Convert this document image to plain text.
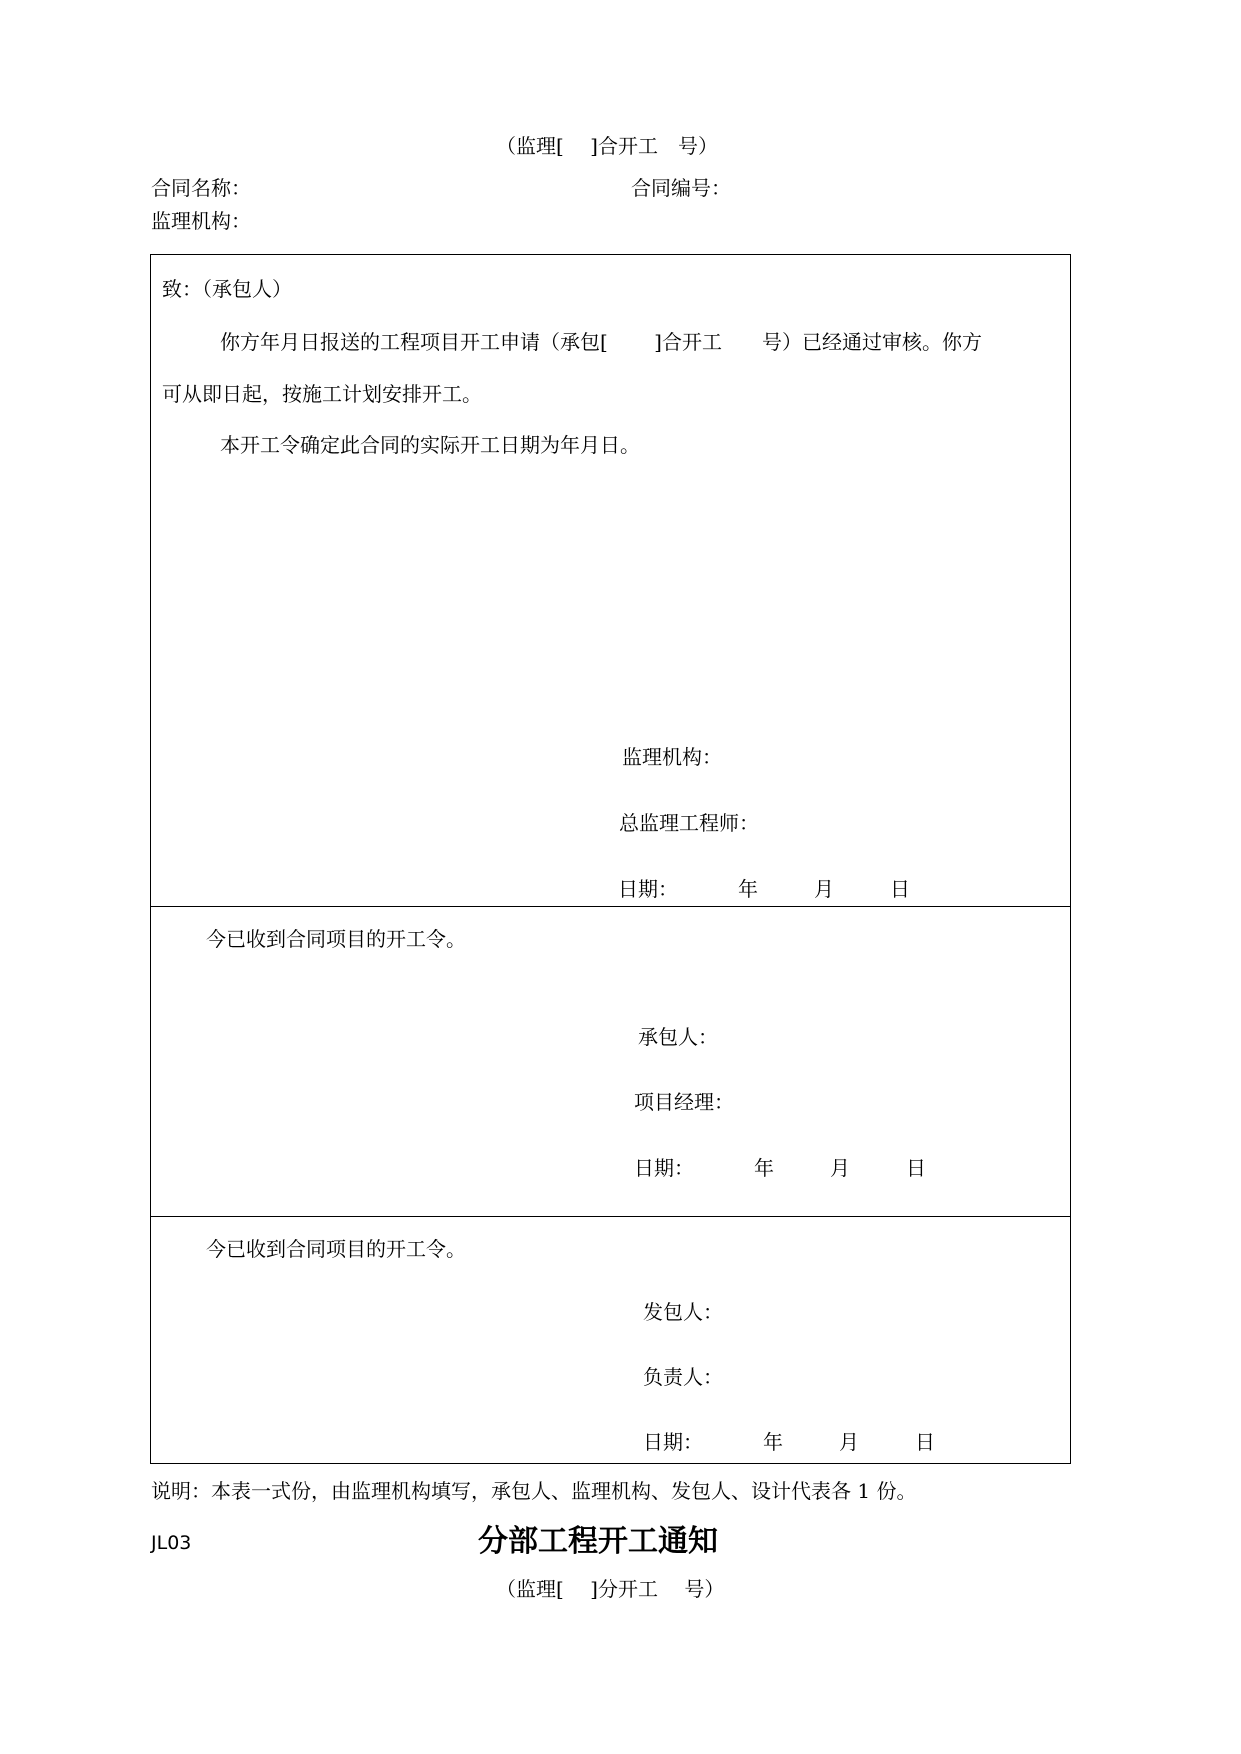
（监理[　 ]合开工　号）
合同名称：	合同编号：
监理机构：
致：（承包人）
你方年月日报送的工程项目开工申请（承包[　　 ]合开工　　号）已经通过审核。你方
可从即日起，按施工计划安排开工。
本开工令确定此合同的实际开工日期为年月日。
监理机构：
总监理工程师：
日期：	年	月	日
今已收到合同项目的开工令。
承包人：
项目经理：
日期：	年	月	日
今已收到合同项目的开工令。
发包人：
负责人：
日期：	年	月	日
说明：本表一式份，由监理机构填写，承包人、监理机构、发包人、设计代表各 1 份。
JL03	分部工程开工通知
（监理[　 ]分开工　 号）
